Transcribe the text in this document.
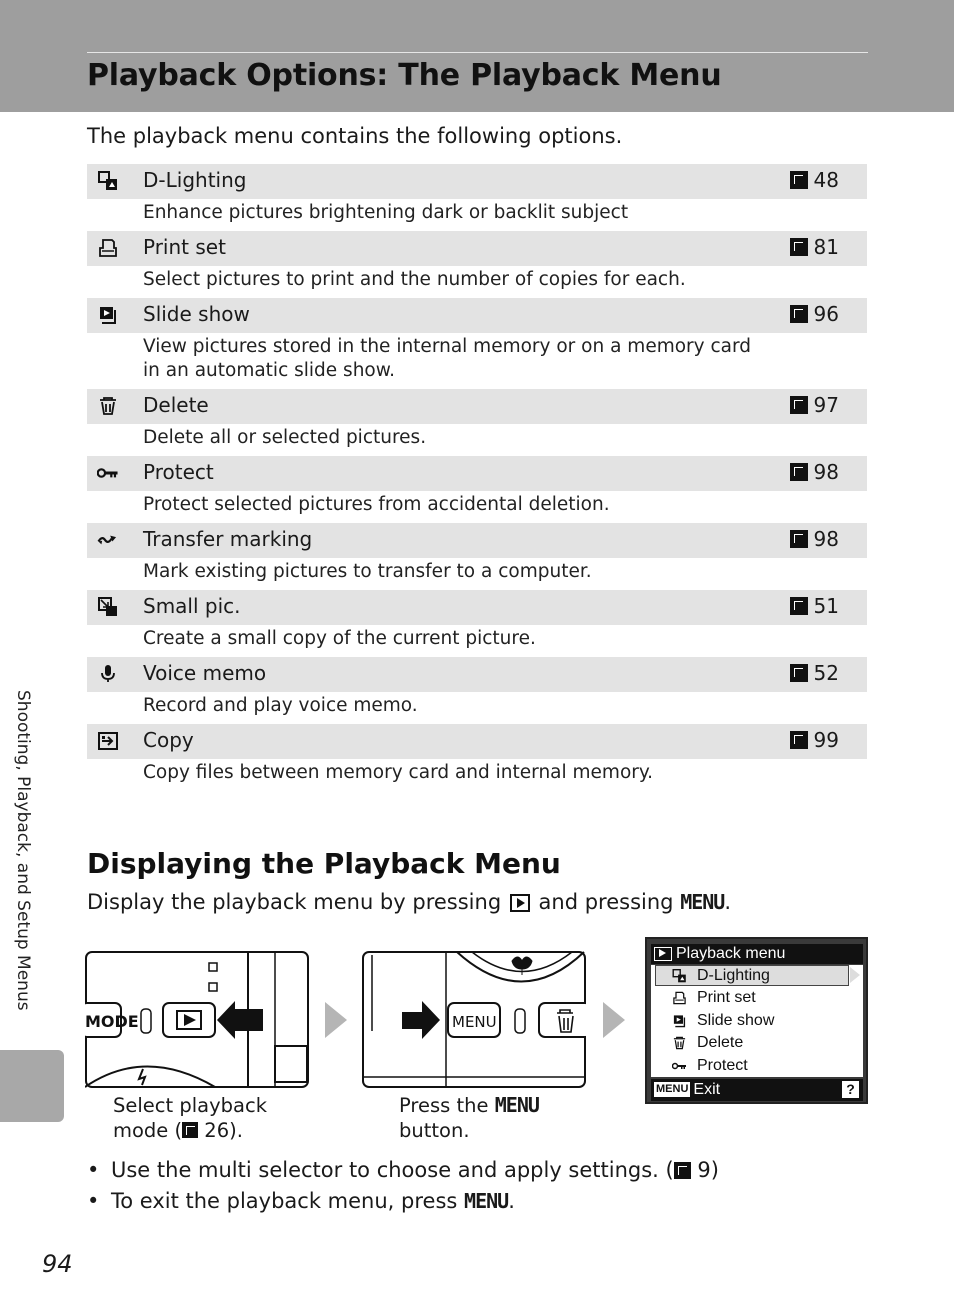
Playback Options: The Playback Menu
The playback menu contains the following options.
D-Lighting	48
Enhance pictures brightening dark or backlit subject
Print set	81
Select pictures to print and the number of copies for each.
Slide show	96
View pictures stored in the internal memory or on a memory card in an automatic slide show.
Delete	97
Delete all or selected pictures.
Protect	98
Protect selected pictures from accidental deletion.
Transfer marking	98
Mark existing pictures to transfer to a computer.
Small pic.	51
Create a small copy of the current picture.
Voice memo	52
Record and play voice memo.
Copy	99
Copy files between memory card and internal memory.
Shooting, Playback, and Setup Menus Displaying the Playback Menu
Display the playback menu by pressing and pressing MENU.
MODE	MENU
Select playback
mode ( 26).
Press the MENU
button.
Playback menu
D-Lighting
Print set
Slide show
Delete
Protect
MENU Exit	?
• Use the multi selector to choose and apply settings. ( 9)
• To exit the playback menu, press MENU.
94
